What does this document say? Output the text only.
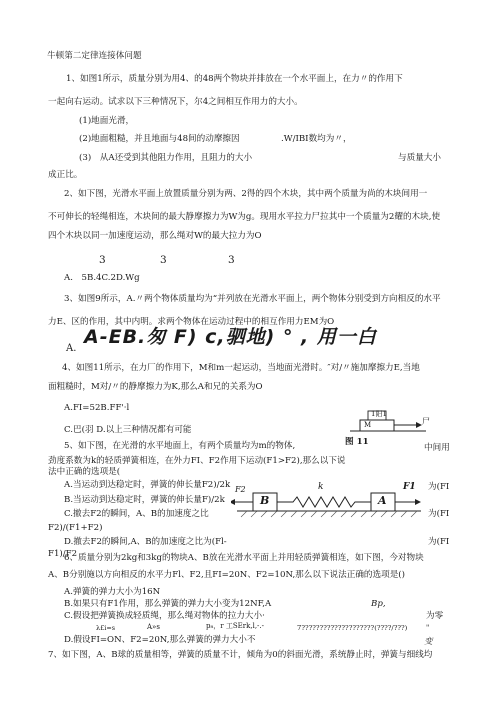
牛顿第二定律连接体问题
1、如图1所示，质量分别为用4、的48两个物块并排放在一个水平面上，在力〃的作用下
一起向右运动。试求以下三种情况下，尔4之间相互作用力的大小。
(1)地面光滑，
(2)地面粗糙，并且地面与48间的动摩擦因	.W/IBI数均为〃，
(3)　从A还受到其他阻力作用，且阻力的大小	与质量大小
成正比。
2、如下图，光滑水平面上放置质量分别为两、2得的四个木块，其中两个质量为尚的木块间用一
不可伸长的轻绳相连，木块间的最大静摩擦力为W为g。现用水平拉力尸拉其中一个质量为2耀的木块,使
四个木块以同一加速度运动，那么绳对W的最大拉力为O
3	3	3
A.　5B.4C.2D.Wg
3、如图9所示，A.〃两个物体质量均为“并列放在光滑水平面上，两个物体分别受到方向相反的水平
力E、区的作用，其中内明。求两个物体在运动过程中的相互作用力EM为O
A.
A-EB.匆 F) c,驷地) ° , 用一白
4、如图11所示，在力厂的作用下，M和m一起运动，当地面光滑时。″对/〃施加摩擦力E,当地
面粗糙时，M对/〃的静摩擦力为K,那么A和兄的关系为O
A.FI=52B.FF'·l
C.巴(羽 D.以上三种情况都有可能
1阳1
M	尸
图 11
5、如下图，在光滑的水平地面上，有两个质量均为m的物体,	中间用
劲度系数为k的轻质弹簧相连，在外力FI、F2作用下运动(F1>F2),那么以下说
法中正确的选项是(
A.当运动到达稳定时，弹簧的伸长量F2)/2k	为(FI
B.当运动到达稳定时，弹簧的伸长量F)/2k
C.撤去F2的瞬间，A、B的加速度之比	为(FI
F2)/(F1+F2)
D.撤去F2的瞬间,A、B的加速度之比为(Fl-	为(FI
F1)/F2
F2
B
k
A
F1
6、质量分别为2kg和3kg的物块A、B放在光滑水平面上并用轻质弹簧相连，如下图，今对物块
A、B分别施以方向相反的水平力Fl、F2,且FI=20N、F2=10N,那么以下说法正确的选项是()
A.弹簧的弹力大小为16N
B.如果只有F1作用，那么弹簧的弹力大小变为12NF,A	Bp,
C.假设把弹簧换成轻质绳，那么绳对物体的拉力大小·	为零
λ£i=s	A»s	p₈，r 工SErk,l,-.-	7????????????????????(????/???)	"
D.假设FI=ON、F2=20N,那么弹簧的弹力大小不	变
7、如下图，A、B球的质量相等，弹簧的质量不计，倾角为0的斜面光滑，系统静止时，弹簧与细线均
